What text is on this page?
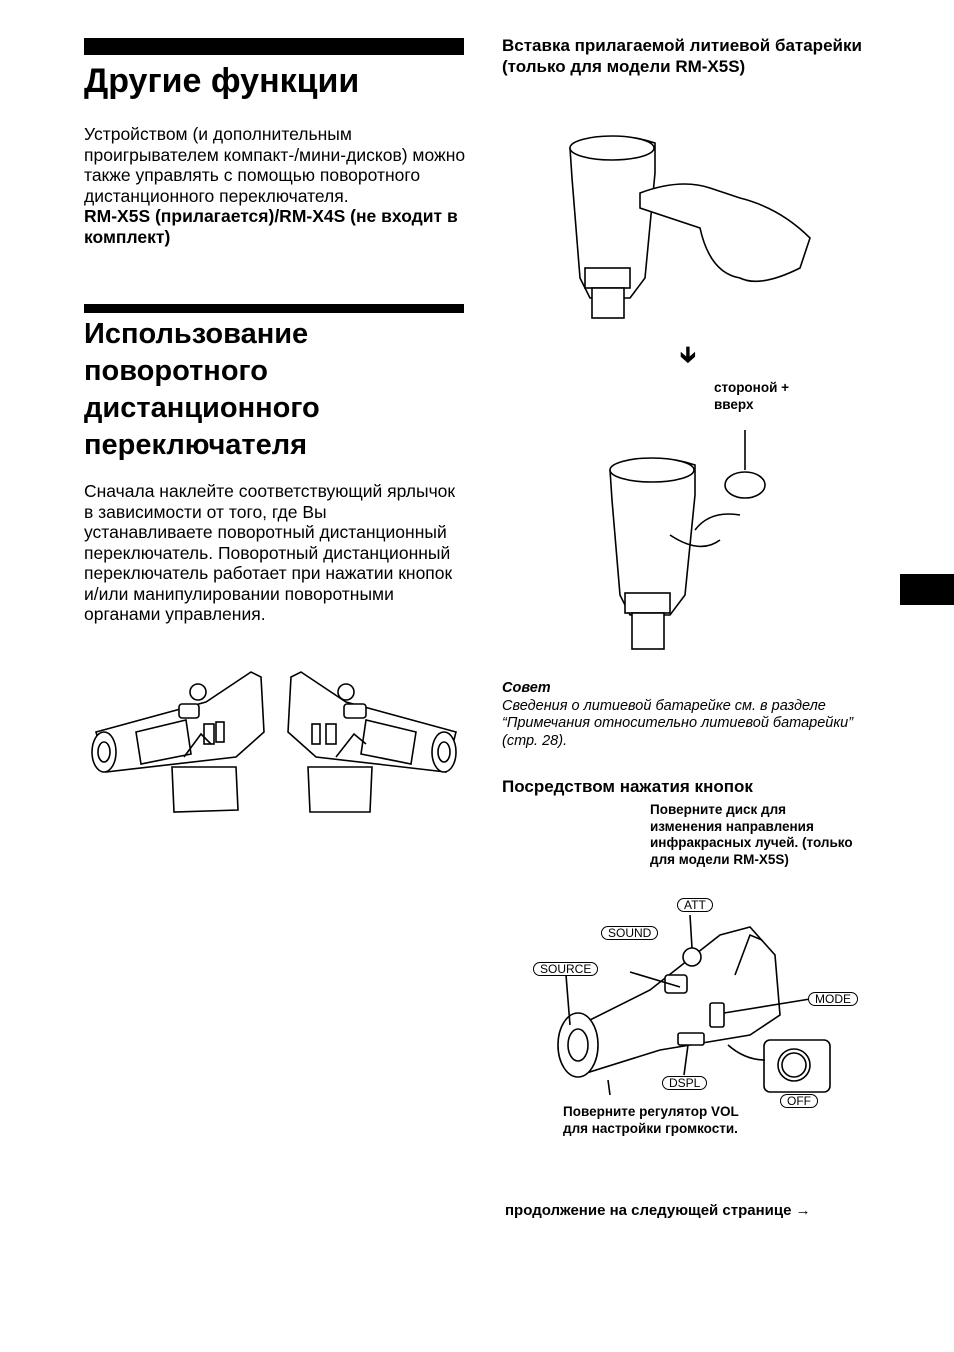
Другие функции
Устройством (и дополнительным проигрывателем компакт-/мини-дисков) можно также управлять с помощью поворотного дистанционного переключателя.
RM-X5S (прилагается)/RM-X4S (не входит в комплект)
Использование
поворотного
дистанционного
переключателя
Сначала наклейте соответствующий ярлычок в зависимости от того, где Вы устанавливаете поворотный дистанционный переключатель. Поворотный дистанционный переключатель работает при нажатии кнопок и/или манипулировании поворотными органами управления.
Вставка прилагаемой литиевой батарейки (только для модели RM-X5S)
🡳
стороной + вверх
Совет
Сведения о литиевой батарейке см. в разделе “Примечания относительно литиевой батарейки” (стр. 28).
Посредством нажатия кнопок
Поверните диск для изменения направления инфракрасных лучей. (только для модели RM-X5S)
ATT
SOUND
SOURCE
MODE
DSPL
OFF
Поверните регулятор VOL для настройки громкости.
продолжение на следующей странице →
